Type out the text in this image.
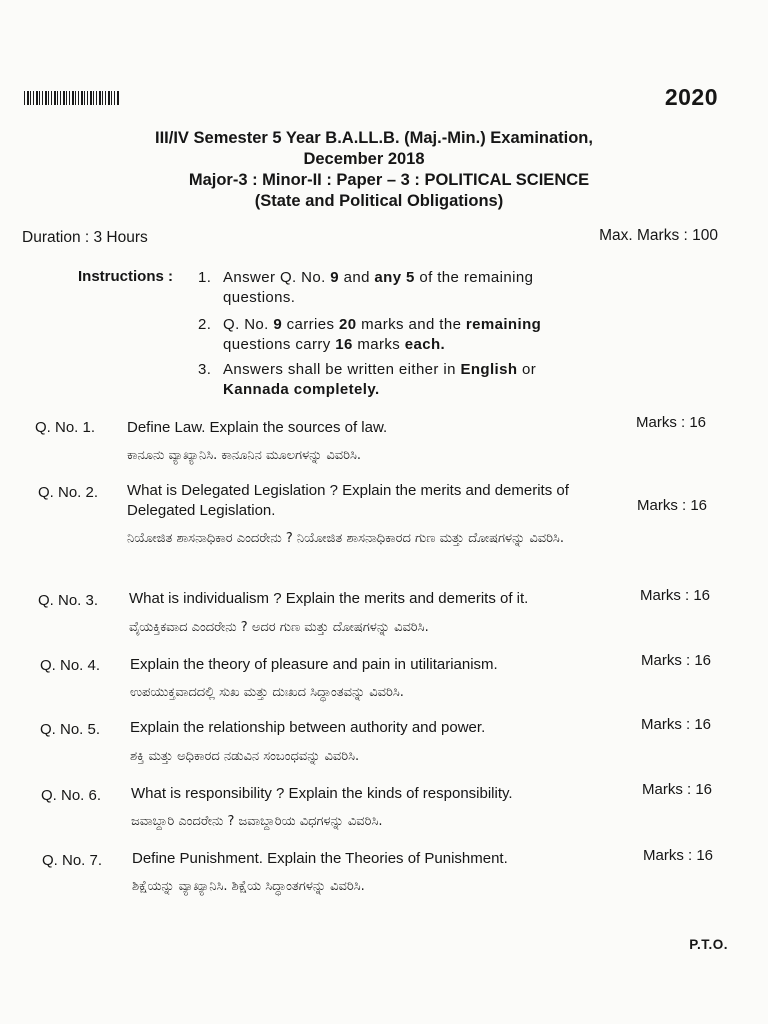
2020
III/IV Semester 5 Year B.A.LL.B. (Maj.-Min.) Examination,
December 2018
Major-3 : Minor-II : Paper – 3 : POLITICAL SCIENCE
(State and Political Obligations)
Duration : 3 Hours	Max. Marks : 100
Instructions : 1. Answer Q. No. 9 and any 5 of the remaining
questions.
2. Q. No. 9 carries 20 marks and the remaining
questions carry 16 marks each.
3. Answers shall be written either in English or
Kannada completely.
Q. No. 1. Define Law. Explain the sources of law.	Marks : 16
ಕಾನೂನು ವ್ಯಾಖ್ಯಾನಿಸಿ. ಕಾನೂನಿನ ಮೂಲಗಳನ್ನು ವಿವರಿಸಿ.
Q. No. 2. What is Delegated Legislation ? Explain the merits and demerits of Delegated Legislation.	Marks : 16
ನಿಯೋಜಿತ ಶಾಸನಾಧಿಕಾರ ಎಂದರೇನು ? ನಿಯೋಜಿತ ಶಾಸನಾಧಿಕಾರದ ಗುಣ ಮತ್ತು ದೋಷಗಳನ್ನು ವಿವರಿಸಿ.
Q. No. 3. What is individualism ? Explain the merits and demerits of it.	Marks : 16
ವೈಯಕ್ತಿಕವಾದ ಎಂದರೇನು ? ಅದರ ಗುಣ ಮತ್ತು ದೋಷಗಳನ್ನು ವಿವರಿಸಿ.
Q. No. 4. Explain the theory of pleasure and pain in utilitarianism.	Marks : 16
ಉಪಯುಕ್ತವಾದದಲ್ಲಿ ಸುಖ ಮತ್ತು ದುಃಖದ ಸಿದ್ಧಾಂತವನ್ನು ವಿವರಿಸಿ.
Q. No. 5. Explain the relationship between authority and power.	Marks : 16
ಶಕ್ತಿ ಮತ್ತು ಅಧಿಕಾರದ ನಡುವಿನ ಸಂಬಂಧವನ್ನು ವಿವರಿಸಿ.
Q. No. 6. What is responsibility ? Explain the kinds of responsibility.	Marks : 16
ಜವಾಬ್ದಾರಿ ಎಂದರೇನು ? ಜವಾಬ್ದಾರಿಯ ವಿಧಗಳನ್ನು ವಿವರಿಸಿ.
Q. No. 7. Define Punishment. Explain the Theories of Punishment.	Marks : 16
ಶಿಕ್ಷೆಯನ್ನು ವ್ಯಾಖ್ಯಾನಿಸಿ. ಶಿಕ್ಷೆಯ ಸಿದ್ಧಾಂತಗಳನ್ನು ವಿವರಿಸಿ.
P.T.O.
